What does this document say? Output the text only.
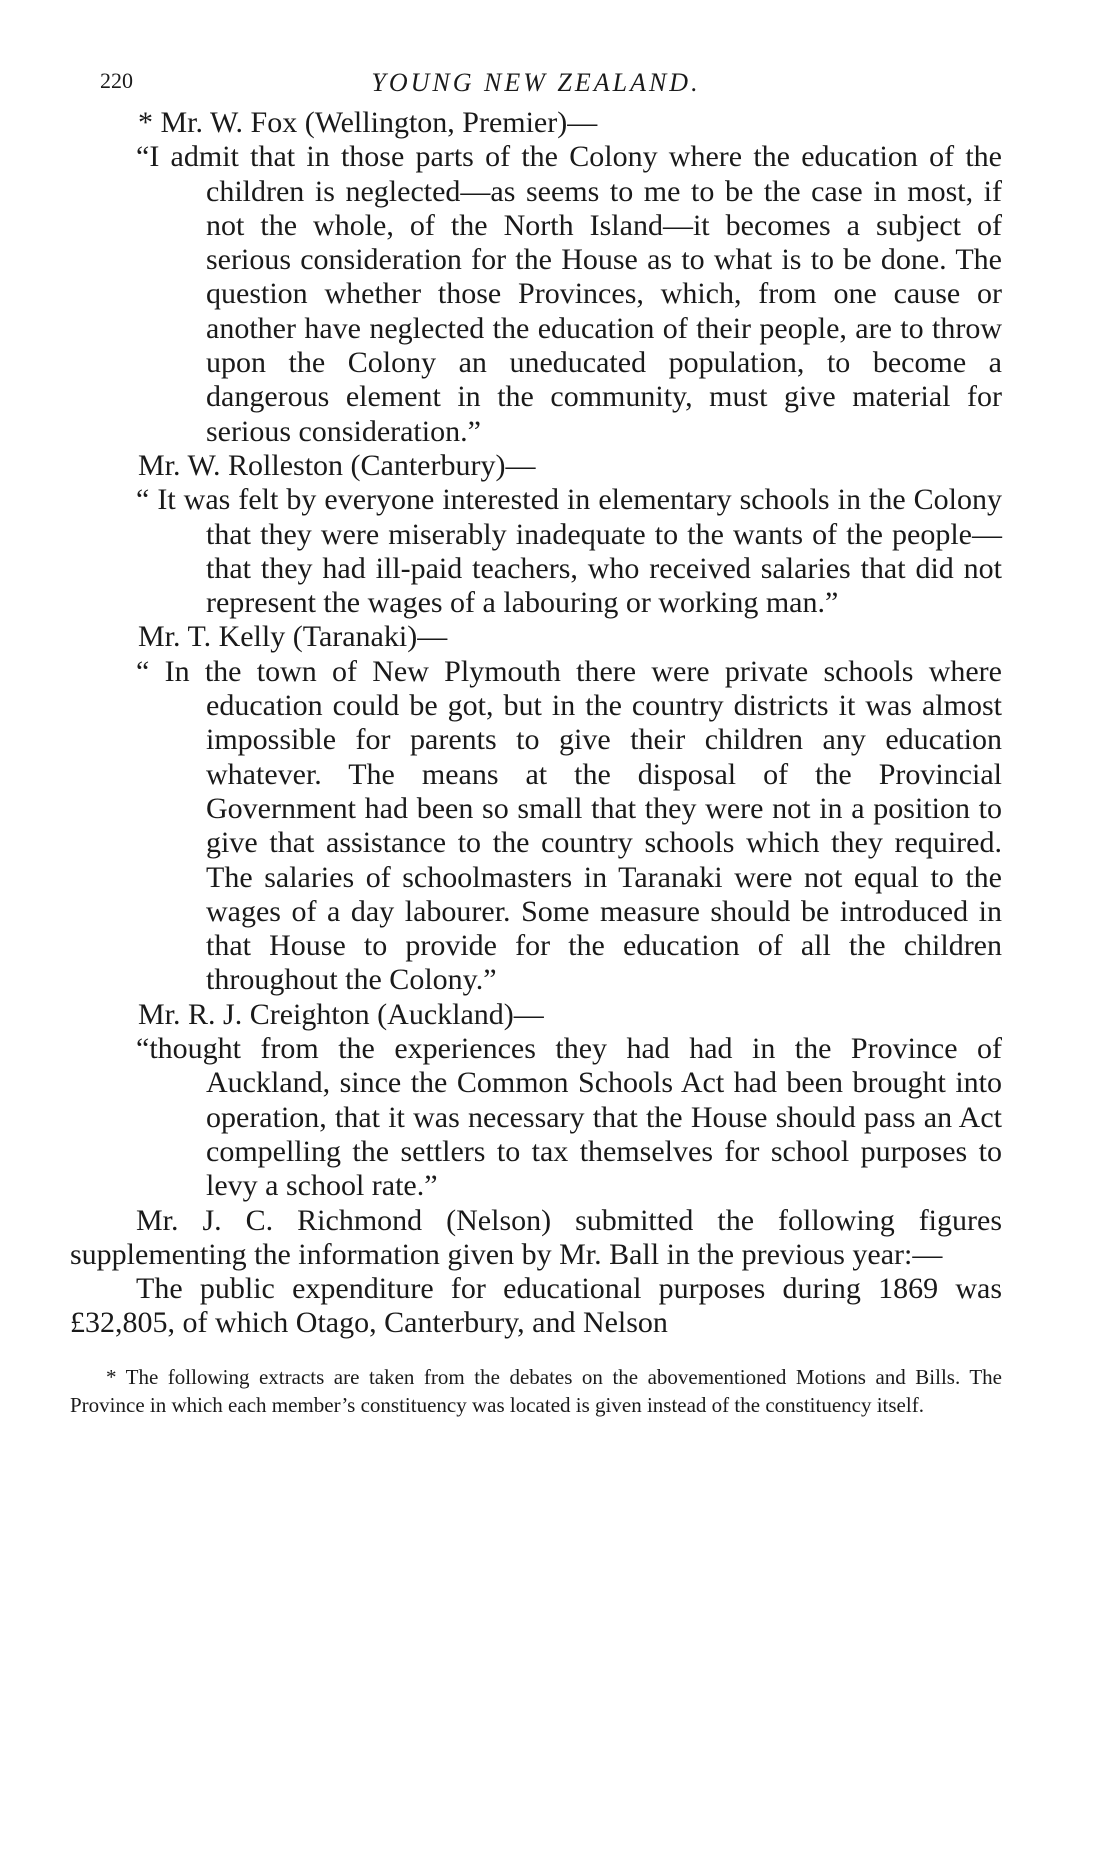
220	YOUNG NEW ZEALAND.

* Mr. W. Fox (Wellington, Premier)—

“I admit that in those parts of the Colony where the education of the children is neglected—as seems to me to be the case in most, if not the whole, of the North Island—it becomes a subject of serious consideration for the House as to what is to be done. The question whether those Provinces, which, from one cause or another have neglected the education of their people, are to throw upon the Colony an uneducated population, to become a dangerous element in the community, must give material for serious consideration.”

Mr. W. Rolleston (Canterbury)—

“ It was felt by everyone interested in elementary schools in the Colony that they were miserably inadequate to the wants of the people—that they had ill-paid teachers, who received salaries that did not represent the wages of a labouring or working man.”

Mr. T. Kelly (Taranaki)—

“ In the town of New Plymouth there were private schools where education could be got, but in the country districts it was almost impossible for parents to give their children any education whatever. The means at the disposal of the Provincial Government had been so small that they were not in a position to give that assistance to the country schools which they required. The salaries of schoolmasters in Taranaki were not equal to the wages of a day labourer. Some measure should be introduced in that House to provide for the education of all the children throughout the Colony.”

Mr. R. J. Creighton (Auckland)—

“thought from the experiences they had had in the Province of Auckland, since the Common Schools Act had been brought into operation, that it was necessary that the House should pass an Act compelling the settlers to tax themselves for school purposes to levy a school rate.”

Mr. J. C. Richmond (Nelson) submitted the following figures supplementing the information given by Mr. Ball in the previous year:—

The public expenditure for educational purposes during 1869 was £32,805, of which Otago, Canterbury, and Nelson

* The following extracts are taken from the debates on the abovementioned Motions and Bills. The Province in which each member’s constituency was located is given instead of the constituency itself.
